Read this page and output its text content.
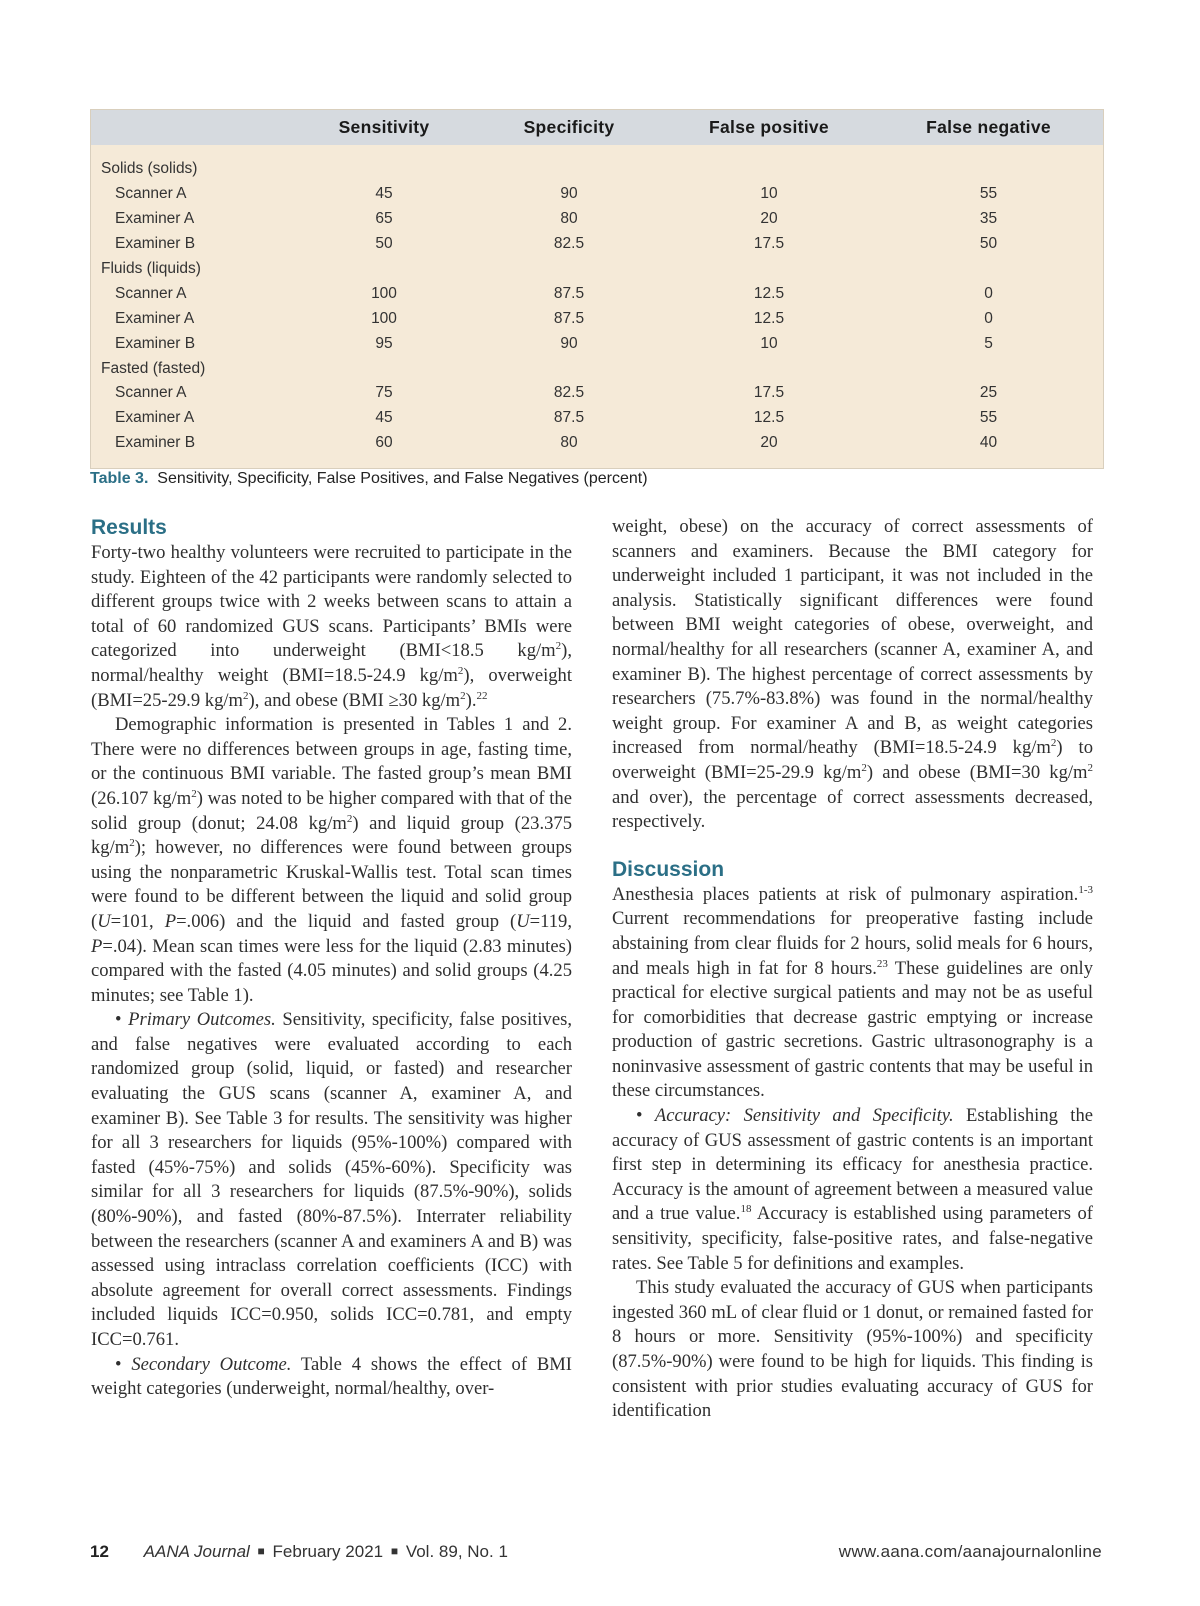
	Sensitivity	Specificity	False positive	False negative

Solids (solids)				
Scanner A	45	90	10	55
Examiner A	65	80	20	35
Examiner B	50	82.5	17.5	50
Fluids (liquids)				
Scanner A	100	87.5	12.5	0
Examiner A	100	87.5	12.5	0
Examiner B	95	90	10	5
Fasted (fasted)				
Scanner A	75	82.5	17.5	25
Examiner A	45	87.5	12.5	55
Examiner B	60	80	20	40

Table 3. Sensitivity, Specificity, False Positives, and False Negatives (percent)
Results

Forty-two healthy volunteers were recruited to participate in the study. Eighteen of the 42 participants were randomly selected to different groups twice with 2 weeks between scans to attain a total of 60 randomized GUS scans. Participants’ BMIs were categorized into underweight (BMI<18.5 $kg/m^2$), normal/healthy weight (BMI=18.5-24.9 $kg/m^2$), overweight (BMI=25-29.9 $kg/m^2$), and obese (BMI ≥30 $kg/m^2).^{22}$

Demographic information is presented in Tables 1 and 2. There were no differences between groups in age, fasting time, or the continuous BMI variable. The fasted group’s mean BMI (26.107 $kg/m^2$) was noted to be higher compared with that of the solid group (donut; 24.08 $kg/m^2$) and liquid group (23.375 $kg/m^2$); however, no differences were found between groups using the nonparametric Kruskal-Wallis test. Total scan times were found to be different between the liquid and solid group (U=101, P=.006) and the liquid and fasted group (U=119, P=.04). Mean scan times were less for the liquid (2.83 minutes) compared with the fasted (4.05 minutes) and solid groups (4.25 minutes; see Table 1).

• Primary Outcomes. Sensitivity, specificity, false positives, and false negatives were evaluated according to each randomized group (solid, liquid, or fasted) and researcher evaluating the GUS scans (scanner A, examiner A, and examiner B). See Table 3 for results. The sensitivity was higher for all 3 researchers for liquids (95%-100%) compared with fasted (45%-75%) and solids (45%-60%). Specificity was similar for all 3 researchers for liquids (87.5%-90%), solids (80%-90%), and fasted (80%-87.5%). Interrater reliability between the researchers (scanner A and examiners A and B) was assessed using intraclass correlation coefficients (ICC) with absolute agreement for overall correct assessments. Findings included liquids ICC=0.950, solids ICC=0.781, and empty ICC=0.761.

• Secondary Outcome. Table 4 shows the effect of BMI weight categories (underweight, normal/healthy, over-

weight, obese) on the accuracy of correct assessments of scanners and examiners. Because the BMI category for underweight included 1 participant, it was not included in the analysis. Statistically significant differences were found between BMI weight categories of obese, overweight, and normal/healthy for all researchers (scanner A, examiner A, and examiner B). The highest percentage of correct assessments by researchers (75.7%-83.8%) was found in the normal/healthy weight group. For examiner A and B, as weight categories increased from normal/heathy (BMI=18.5-24.9 $kg/m^2$) to overweight (BMI=25-29.9 $kg/m^2$) and obese (BMI=30 $kg/m^2$ and over), the percentage of correct assessments decreased, respectively.

Discussion

Anesthesia places patients at risk of pulmonary aspiration.$^{1-3}$ Current recommendations for preoperative fasting include abstaining from clear fluids for 2 hours, solid meals for 6 hours, and meals high in fat for 8 hours.$^{23}$ These guidelines are only practical for elective surgical patients and may not be as useful for comorbidities that decrease gastric emptying or increase production of gastric secretions. Gastric ultrasonography is a noninvasive assessment of gastric contents that may be useful in these circumstances.

• Accuracy: Sensitivity and Specificity. Establishing the accuracy of GUS assessment of gastric contents is an important first step in determining its efficacy for anesthesia practice. Accuracy is the amount of agreement between a measured value and a true value.$^{18}$ Accuracy is established using parameters of sensitivity, specificity, false-positive rates, and false-negative rates. See Table 5 for definitions and examples.

This study evaluated the accuracy of GUS when participants ingested 360 mL of clear fluid or 1 donut, or remained fasted for 8 hours or more. Sensitivity (95%-100%) and specificity (87.5%-90%) were found to be high for liquids. This finding is consistent with prior studies evaluating accuracy of GUS for identification

12 AANA Journal ■ February 2021 ■ Vol. 89, No. 1	www.aana.com/aanajournalonline
